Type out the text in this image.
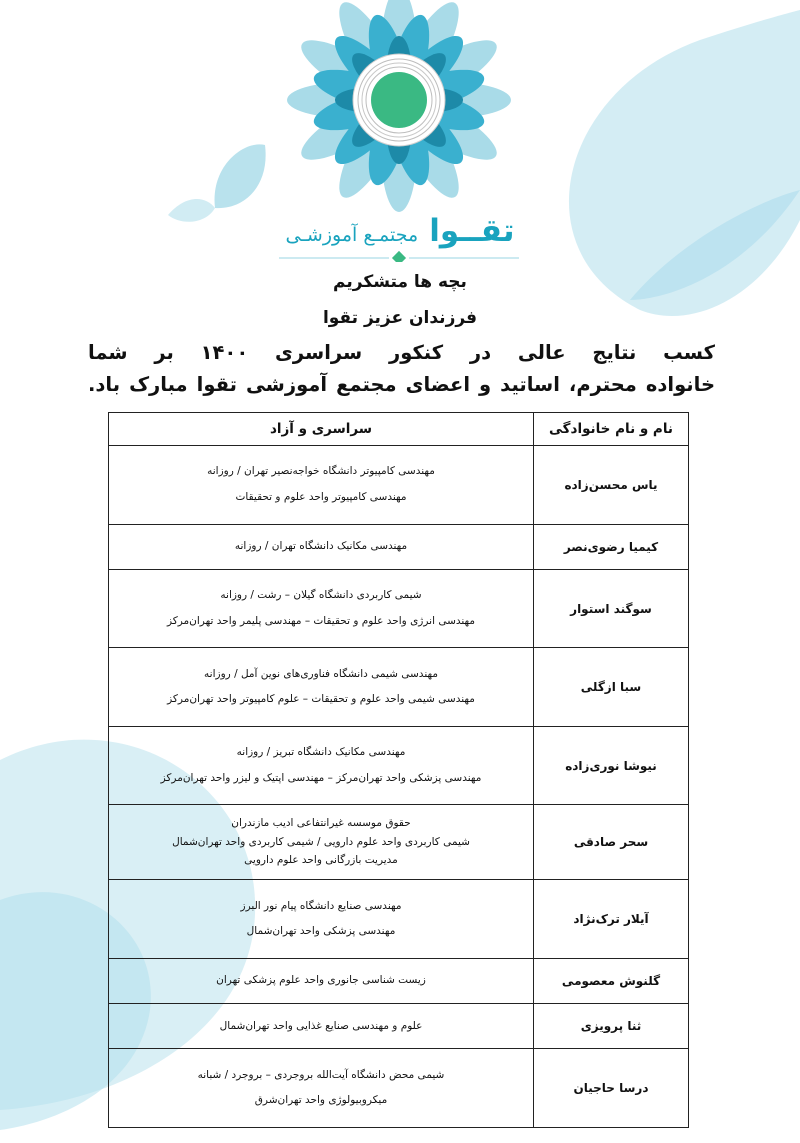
تقــوا مجتمـع آموزشـی
بچه ها متشکریم
فرزندان عزیز تقوا
کسب نتایج عالی در کنکور سراسری ۱۴۰۰ بر شما
خانواده محترم، اساتید و اعضای مجتمع آموزشی تقوا مبارک باد.
نام و نام خانوادگی	سراسری و آزاد
یاس محسن‌زاده	مهندسی کامپیوتر دانشگاه خواجه‌نصیر تهران / روزانه
مهندسی کامپیوتر واحد علوم و تحقیقات

کیمیا رضوی‌نصر	مهندسی مکانیک دانشگاه تهران / روزانه

سوگند استوار	شیمی کاربردی دانشگاه گیلان – رشت / روزانه
مهندسی انرژی واحد علوم و تحقیقات – مهندسی پلیمر واحد تهران‌مرکز

سبا ازگلی	مهندسی شیمی دانشگاه فناوری‌های نوین آمل / روزانه
مهندسی شیمی واحد علوم و تحقیقات – علوم کامپیوتر واحد تهران‌مرکز

نیوشا نوری‌زاده	مهندسی مکانیک دانشگاه تبریز / روزانه
مهندسی پزشکی واحد تهران‌مرکز – مهندسی اپتیک و لیزر واحد تهران‌مرکز

سحر صادقی	حقوق موسسه غیرانتفاعی ادیب مازندران
شیمی کاربردی واحد علوم دارویی / شیمی کاربردی واحد تهران‌شمال
مدیریت بازرگانی واحد علوم دارویی

آیلار ترک‌نژاد	مهندسی صنایع دانشگاه پیام نور البرز
مهندسی پزشکی واحد تهران‌شمال

گلنوش معصومی	زیست شناسی جانوری واحد علوم پزشکی تهران

ثنا پرویزی	علوم و مهندسی صنایع غذایی واحد تهران‌شمال

درسا حاجیان	شیمی محض دانشگاه آیت‌الله بروجردی – بروجرد / شبانه
میکروبیولوژی واحد تهران‌شرق
